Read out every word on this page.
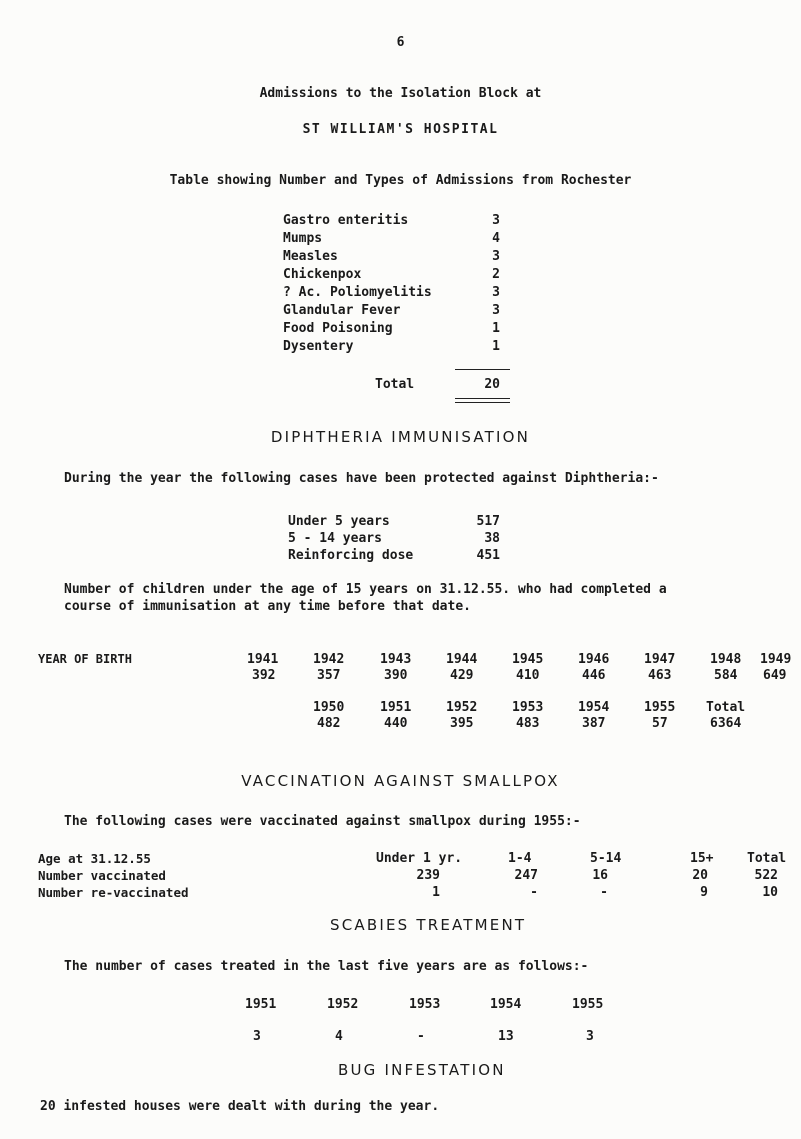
6
Admissions to the Isolation Block at
ST WILLIAM'S HOSPITAL
Table showing Number and Types of Admissions from Rochester
Gastro enteritis	3
Mumps	4
Measles	3
Chickenpox	2
? Ac. Poliomyelitis	3
Glandular Fever	3
Food Poisoning	1
Dysentery	1
Total	20
DIPHTHERIA IMMUNISATION
During the year the following cases have been protected against Diphtheria:-
Under 5 years	517
5 - 14 years	38
Reinforcing dose	451
Number of children under the age of 15 years on 31.12.55. who had completed a
course of immunisation at any time before that date.
YEAR OF BIRTH	1941	1942	1943	1944	1945	1946	1947	1948 1949
392	357	390	429	410	446	463	584 649
1950	1951	1952	1953	1954	1955 Total
482	440	395	483	387	57	6364
VACCINATION AGAINST SMALLPOX
The following cases were vaccinated against smallpox during 1955:-
Age at 31.12.55	Under 1 yr.	1-4	5-14	15+	Total
Number vaccinated	239	247	16	20	522
Number re-vaccinated	1	-	-	9	10
SCABIES TREATMENT
The number of cases treated in the last five years are as follows:-
1951	1952	1953	1954	1955
3	4	-	13	3
BUG INFESTATION
20 infested houses were dealt with during the year.
